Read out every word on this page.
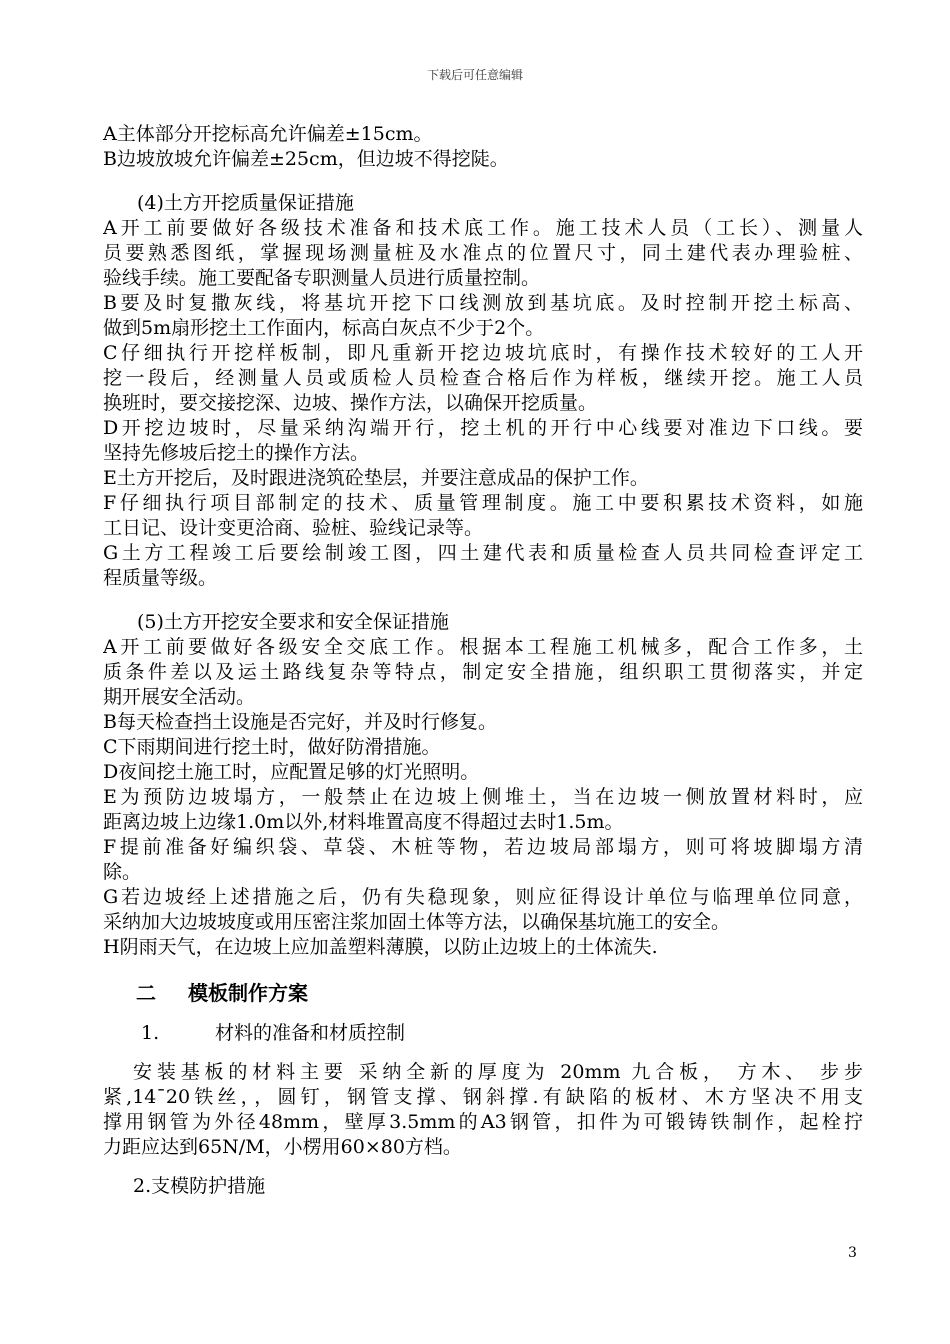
下载后可任意编辑
A主体部分开挖标高允许偏差±15cm。
B边坡放坡允许偏差±25cm，但边坡不得挖陡。
(4)土方开挖质量保证措施
A开工前要做好各级技术准备和技术底工作。施工技术人员（工长）、测量人
员要熟悉图纸，掌握现场测量桩及水准点的位置尺寸，同土建代表办理验桩、
验线手续。施工要配备专职测量人员进行质量控制。
B要及时复撒灰线，将基坑开挖下口线测放到基坑底。及时控制开挖土标高、
做到5m扇形挖土工作面内，标高白灰点不少于2个。
C仔细执行开挖样板制，即凡重新开挖边坡坑底时，有操作技术较好的工人开
挖一段后，经测量人员或质检人员检查合格后作为样板，继续开挖。施工人员
换班时，要交接挖深、边坡、操作方法，以确保开挖质量。
D开挖边坡时，尽量采纳沟端开行，挖土机的开行中心线要对准边下口线。要
坚持先修坡后挖土的操作方法。
E土方开挖后，及时跟进浇筑砼垫层，并要注意成品的保护工作。
F仔细执行项目部制定的技术、质量管理制度。施工中要积累技术资料，如施
工日记、设计变更洽商、验桩、验线记录等。
G土方工程竣工后要绘制竣工图，四土建代表和质量检查人员共同检查评定工
程质量等级。
(5)土方开挖安全要求和安全保证措施
A开工前要做好各级安全交底工作。根据本工程施工机械多，配合工作多，土
质条件差以及运土路线复杂等特点，制定安全措施，组织职工贯彻落实，并定
期开展安全活动。
B每天检查挡土设施是否完好，并及时行修复。
C下雨期间进行挖土时，做好防滑措施。
D夜间挖土施工时，应配置足够的灯光照明。
E为预防边坡塌方，一般禁止在边坡上侧堆土，当在边坡一侧放置材料时，应
距离边坡上边缘1.0m以外,材料堆置高度不得超过去时1.5m。
F提前准备好编织袋、草袋、木桩等物，若边坡局部塌方，则可将坡脚塌方清
除。
G若边坡经上述措施之后，仍有失稳现象，则应征得设计单位与临理单位同意，
采纳加大边坡坡度或用压密注浆加固土体等方法，以确保基坑施工的安全。
H阴雨天气，在边坡上应加盖塑料薄膜，以防止边坡上的土体流失.
二 模板制作方案
1.	材料的准备和材质控制
安装基板的材料主要 采纳全新的厚度为 20mm 九合板， 方木、 步步
紧,14ˉ20铁丝，，圆钉，钢管支撑、钢斜撑.有缺陷的板材、木方坚决不用支
撑用钢管为外径48mm，壁厚3.5mm的A3钢管，扣件为可锻铸铁制作，起栓拧
力距应达到65N/M，小楞用60×80方档。
2.支模防护措施
3
